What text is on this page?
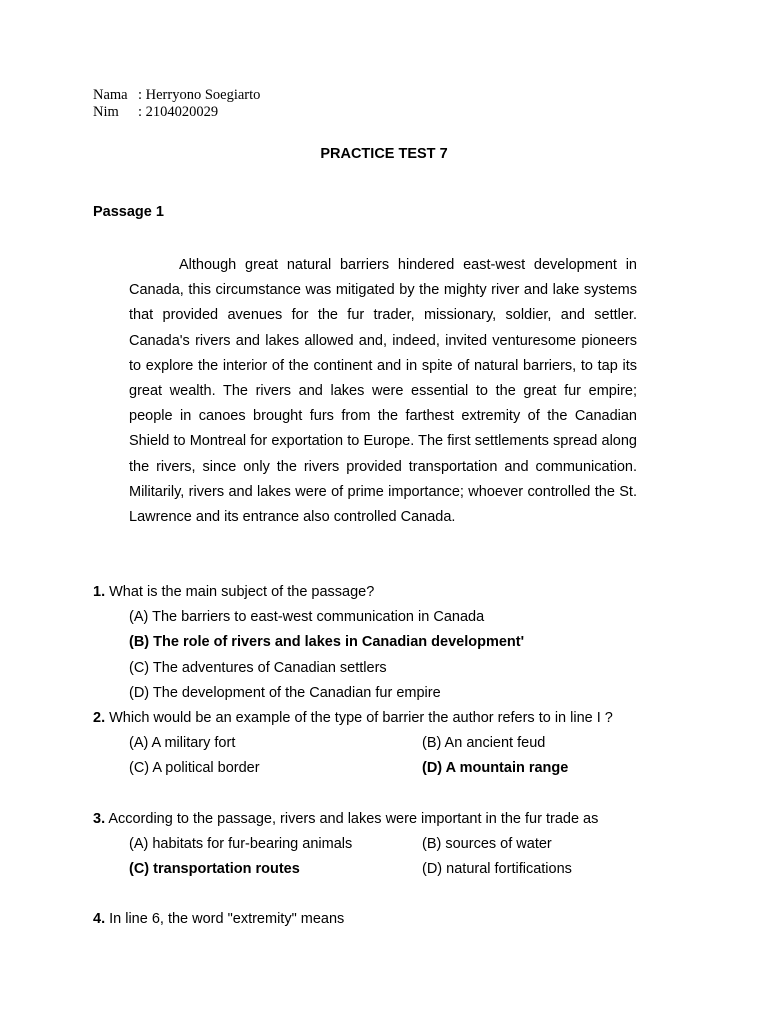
Nama : Herryono Soegiarto
Nim	: 2104020029
PRACTICE TEST 7
Passage 1

Although great natural barriers hindered east-west development in Canada, this circumstance was mitigated by the mighty river and lake systems that provided avenues for the fur trader, missionary, soldier, and settler. Canada's rivers and lakes allowed and, indeed, invited venturesome pioneers to explore the interior of the continent and in spite of natural barriers, to tap its great wealth. The rivers and lakes were essential to the great fur empire; people in canoes brought furs from the farthest extremity of the Canadian Shield to Montreal for exportation to Europe. The first settlements spread along the rivers, since only the rivers provided transportation and communication. Militarily, rivers and lakes were of prime importance; whoever controlled the St. Lawrence and its entrance also controlled Canada.

1. What is the main subject of the passage?
(A) The barriers to east-west communication in Canada
(B) The role of rivers and lakes in Canadian development'
(C) The adventures of Canadian settlers
(D) The development of the Canadian fur empire
2. Which would be an example of the type of barrier the author refers to in line I ?
(A) A military fort	(B) An ancient feud
(C) A political border	(D) A mountain range
3. According to the passage, rivers and lakes were important in the fur trade as
(A) habitats for fur-bearing animals	(B) sources of water
(C) transportation routes	(D) natural fortifications
4. In line 6, the word "extremity" means
